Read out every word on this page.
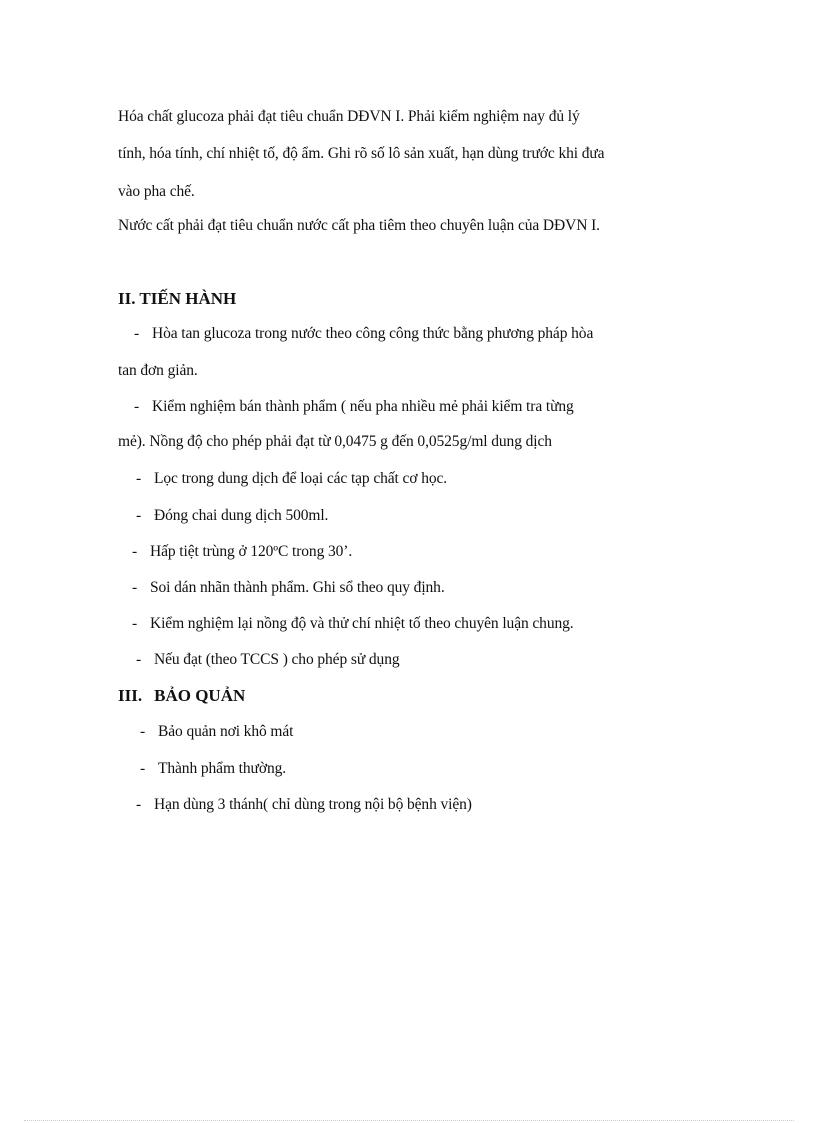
Hóa chất glucoza phải đạt tiêu chuẩn DĐVN I. Phải kiểm nghiệm nay đủ lý
tính, hóa tính, chí nhiệt tố, độ ẩm. Ghi rõ số lô sản xuất, hạn dùng trước khi đưa
vào pha chế.
Nước cất phải đạt tiêu chuẩn nước cất pha tiêm theo chuyên luận của DĐVN I.
II. TIẾN HÀNH
- Hòa tan glucoza trong nước theo công công thức bằng phương pháp hòa
tan đơn giản.
- Kiểm nghiệm bán thành phẩm ( nếu pha nhiều mẻ phải kiểm tra từng
mẻ). Nồng độ cho phép phải đạt từ 0,0475 g đến 0,0525g/ml dung dịch
- Lọc trong dung dịch để loại các tạp chất cơ học.
- Đóng chai dung dịch 500ml.
- Hấp tiệt trùng ở 120ºC trong 30’.
- Soi dán nhãn thành phẩm. Ghi sổ theo quy định.
- Kiểm nghiệm lại nồng độ và thử chí nhiệt tố theo chuyên luận chung.
- Nếu đạt (theo TCCS ) cho phép sử dụng
III. BẢO QUẢN
- Bảo quản nơi khô mát
- Thành phẩm thường.
- Hạn dùng 3 thánh( chỉ dùng trong nội bộ bệnh viện)
